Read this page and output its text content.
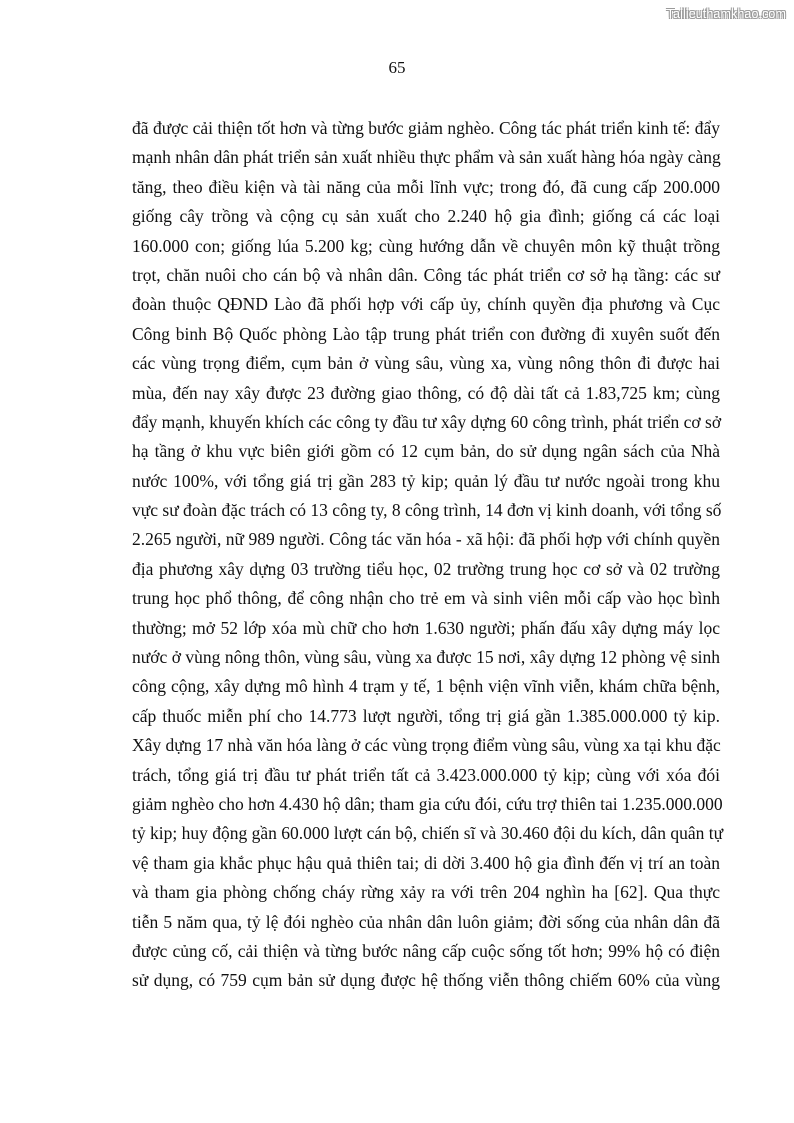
Tailieuthamkhao.com
65
đã được cải thiện tốt hơn và từng bước giảm nghèo. Công tác phát triển kinh tế: đẩy
mạnh nhân dân phát triển sản xuất nhiều thực phẩm và sản xuất hàng hóa ngày càng
tăng, theo điều kiện và tài năng của mỗi lĩnh vực; trong đó, đã cung cấp 200.000
giống cây trồng và cộng cụ sản xuất cho 2.240 hộ gia đình; giống cá các loại
160.000 con; giống lúa 5.200 kg; cùng hướng dẫn về chuyên môn kỹ thuật trồng
trọt, chăn nuôi cho cán bộ và nhân dân. Công tác phát triển cơ sở hạ tầng: các sư
đoàn thuộc QĐND Lào đã phối hợp với cấp ủy, chính quyền địa phương và Cục
Công binh Bộ Quốc phòng Lào tập trung phát triển con đường đi xuyên suốt đến
các vùng trọng điểm, cụm bản ở vùng sâu, vùng xa, vùng nông thôn đi được hai
mùa, đến nay xây được 23 đường giao thông, có độ dài tất cả 1.83,725 km; cùng
đẩy mạnh, khuyến khích các công ty đầu tư xây dựng 60 công trình, phát triển cơ sở
hạ tầng ở khu vực biên giới gồm có 12 cụm bản, do sử dụng ngân sách của Nhà
nước 100%, với tổng giá trị gần 283 tỷ kip; quản lý đầu tư nước ngoài trong khu
vực sư đoàn đặc trách có 13 công ty, 8 công trình, 14 đơn vị kinh doanh, với tổng số
2.265 người, nữ 989 người. Công tác văn hóa - xã hội: đã phối hợp với chính quyền
địa phương xây dựng 03 trường tiểu học, 02 trường trung học cơ sở và 02 trường
trung học phổ thông, để công nhận cho trẻ em và sinh viên mỗi cấp vào học bình
thường; mở 52 lớp xóa mù chữ cho hơn 1.630 người; phấn đấu xây dựng máy lọc
nước ở vùng nông thôn, vùng sâu, vùng xa được 15 nơi, xây dựng 12 phòng vệ sinh
công cộng, xây dựng mô hình 4 trạm y tế, 1 bệnh viện vĩnh viễn, khám chữa bệnh,
cấp thuốc miễn phí cho 14.773 lượt người, tổng trị giá gần 1.385.000.000 tỷ kip.
Xây dựng 17 nhà văn hóa làng ở các vùng trọng điểm vùng sâu, vùng xa tại khu đặc
trách, tổng giá trị đầu tư phát triển tất cả 3.423.000.000 tỷ kịp; cùng với xóa đói
giảm nghèo cho hơn 4.430 hộ dân; tham gia cứu đói, cứu trợ thiên tai 1.235.000.000
tỷ kip; huy động gần 60.000 lượt cán bộ, chiến sĩ và 30.460 đội du kích, dân quân tự
vệ tham gia khắc phục hậu quả thiên tai; di dời 3.400 hộ gia đình đến vị trí an toàn
và tham gia phòng chống cháy rừng xảy ra với trên 204 nghìn ha [62]. Qua thực
tiễn 5 năm qua, tỷ lệ đói nghèo của nhân dân luôn giảm; đời sống của nhân dân đã
được củng cố, cải thiện và từng bước nâng cấp cuộc sống tốt hơn; 99% hộ có điện
sử dụng, có 759 cụm bản sử dụng được hệ thống viễn thông chiếm 60% của vùng
